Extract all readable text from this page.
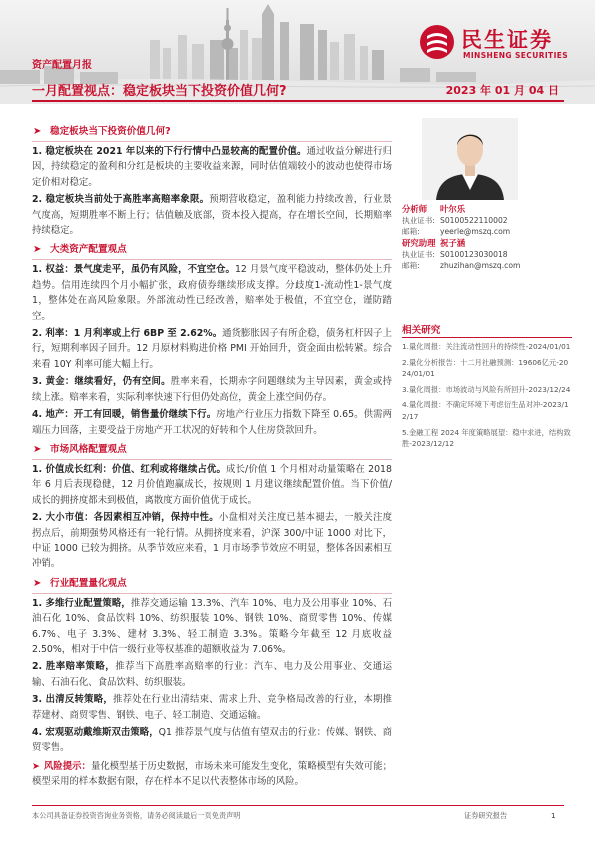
民生证券
MINSHENG SECURITIES
资产配置月报
一月配置视点：稳定板块当下投资价值几何?	2023 年 01 月 04 日
➤ 稳定板块当下投资价值几何?

1. 稳定板块在 2021 年以来的下行行情中凸显较高的配置价值。通过收益分解进行归因，持续稳定的盈利和分红是板块的主要收益来源，同时估值端较小的波动也使得市场定价相对稳定。

2. 稳定板块当前处于高胜率高赔率象限。预期营收稳定，盈利能力持续改善，行业景气度高，短期胜率不断上行；估值触及底部，资本投入提高，存在增长空间，长期赔率持续稳定。

➤ 大类资产配置观点

1. 权益：景气度走平，虽仍有风险，不宜空仓。12 月景气度平稳波动，整体仍处上升趋势。信用连续四个月小幅扩张，政府债券继续形成支撑。分歧度1-流动性1-景气度1，整体处在高风险象限。外部流动性已经改善，赔率处于极值，不宜空仓，谨防踏空。

2. 利率：1 月利率或上行 6BP 至 2.62%。通货膨胀因子有所企稳，债务杠杆因子上行，短期利率因子回升。12 月原材料购进价格 PMI 开始回升，资金面由松转紧。综合来看 10Y 利率可能大幅上行。

3. 黄金：继续看好，仍有空间。胜率来看，长期赤字问题继续为主导因素，黄金或持续上涨。赔率来看，实际利率快速下行但仍处高位，黄金上涨空间仍存。

4. 地产：开工有回暖，销售量价继续下行。房地产行业压力指数下降至 0.65。供需两端压力回落，主要受益于房地产开工状况的好转和个人住房贷款回升。

➤ 市场风格配置观点

1. 价值成长红利：价值、红利或将继续占优。成长/价值 1 个月相对动量策略在 2018 年 6 月后表现稳健，12 月价值跑赢成长，按规则 1 月建议继续配置价值。当下价值/成长的拥挤度都未到极值，离散度方面价值优于成长。

2. 大小市值：各因素相互冲销，保持中性。小盘相对关注度已基本褪去，一般关注度拐点后，前期强势风格还有一轮行情。从拥挤度来看，沪深 300/中证 1000 对比下，中证 1000 已较为拥挤。从季节效应来看，1 月市场季节效应不明显，整体各因素相互冲销。

➤ 行业配置量化观点

1. 多维行业配置策略，推荐交通运输 13.3%、汽车 10%、电力及公用事业 10%、石油石化 10%、食品饮料 10%、纺织服装 10%、钢铁 10%、商贸零售 10%、传媒 6.7%、电子 3.3%、建材 3.3%、轻工制造 3.3%。策略今年截至 12 月底收益 2.50%，相对于中信一级行业等权基准的超额收益为 7.06%。

2. 胜率赔率策略，推荐当下高胜率高赔率的行业：汽车、电力及公用事业、交通运输、石油石化、食品饮料、纺织服装。

3. 出清反转策略，推荐处在行业出清结束、需求上升、竞争格局改善的行业，本期推荐建材、商贸零售、钢铁、电子、轻工制造、交通运输。

4. 宏观驱动戴维斯双击策略，Q1 推荐景气度与估值有望双击的行业：传媒、钢铁、商贸零售。

➤ 风险提示：量化模型基于历史数据，市场未来可能发生变化，策略模型有失效可能；模型采用的样本数据有限，存在样本不足以代表整体市场的风险。

分析师	叶尔乐
执业证书: S0100522110002
邮箱:	yeerle@mszq.com
研究助理 祝子涵
执业证书: S0100123030018
邮箱:	zhuzihan@mszq.com
相关研究
1.量化周报：关注流动性回升的持续性-2024/01/01
2.量化分析报告：十二月社融预测：19606亿元-2024/01/01
3.量化周报：市场波动与风险有所回升-2023/12/24
4.量化周报：不确定环境下考虑衍生品对冲-2023/12/17
5.金融工程 2024 年度策略展望：稳中求进，结构致胜-2023/12/12
本公司具备证券投资咨询业务资格，请务必阅读最后一页免责声明	证券研究报告	1
